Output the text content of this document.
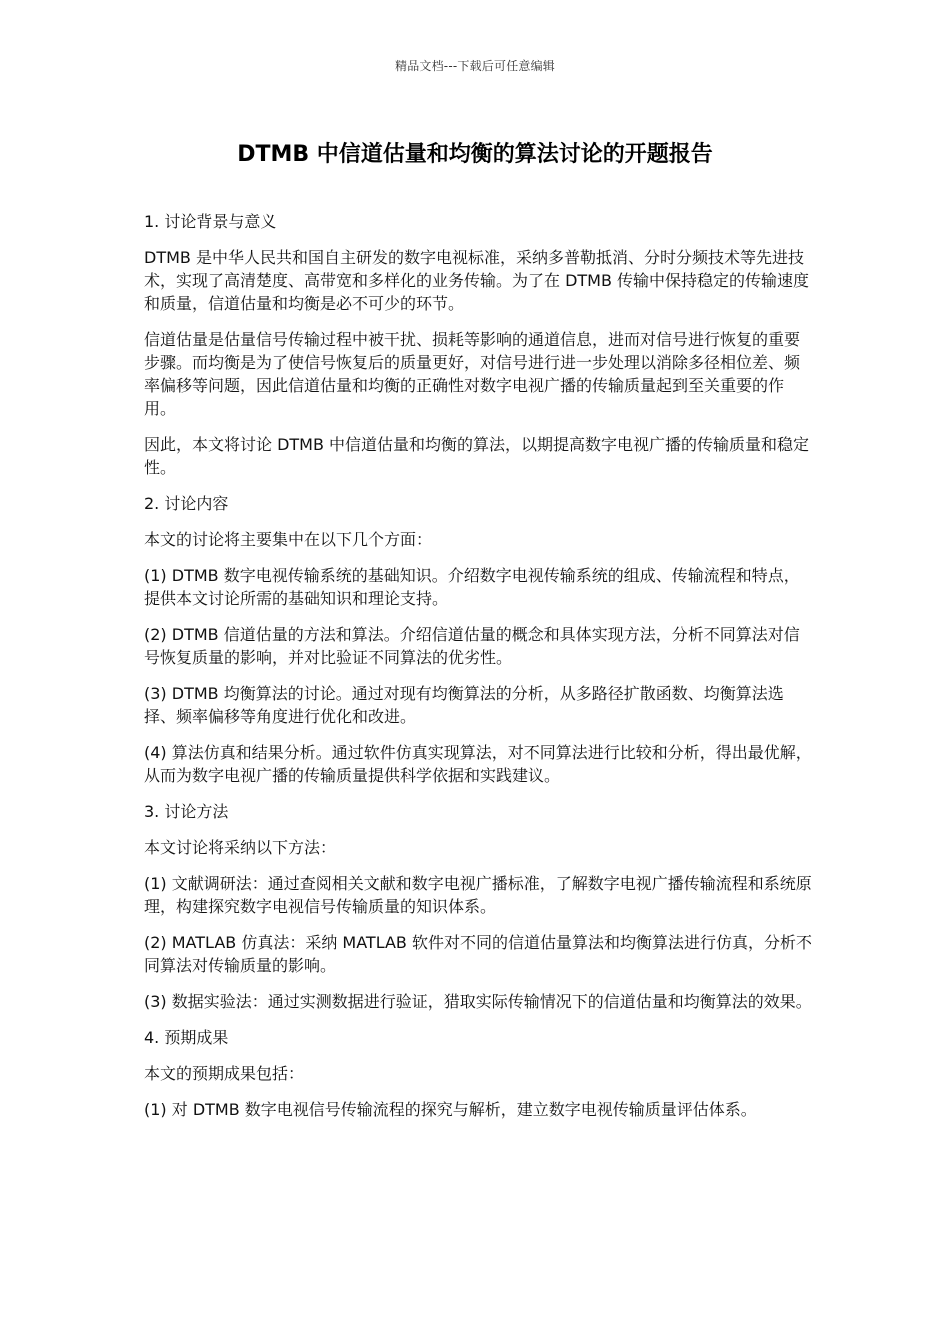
精品文档---下载后可任意编辑
DTMB 中信道估量和均衡的算法讨论的开题报告

1. 讨论背景与意义

DTMB 是中华人民共和国自主研发的数字电视标准，采纳多普勒抵消、分时分频技术等先进技术，实现了高清楚度、高带宽和多样化的业务传输。为了在 DTMB 传输中保持稳定的传输速度和质量，信道估量和均衡是必不可少的环节。

信道估量是估量信号传输过程中被干扰、损耗等影响的通道信息，进而对信号进行恢复的重要步骤。而均衡是为了使信号恢复后的质量更好，对信号进行进一步处理以消除多径相位差、频率偏移等问题，因此信道估量和均衡的正确性对数字电视广播的传输质量起到至关重要的作用。

因此，本文将讨论 DTMB 中信道估量和均衡的算法，以期提高数字电视广播的传输质量和稳定性。

2. 讨论内容

本文的讨论将主要集中在以下几个方面：

(1) DTMB 数字电视传输系统的基础知识。介绍数字电视传输系统的组成、传输流程和特点，提供本文讨论所需的基础知识和理论支持。

(2) DTMB 信道估量的方法和算法。介绍信道估量的概念和具体实现方法，分析不同算法对信号恢复质量的影响，并对比验证不同算法的优劣性。

(3) DTMB 均衡算法的讨论。通过对现有均衡算法的分析，从多路径扩散函数、均衡算法选择、频率偏移等角度进行优化和改进。

(4) 算法仿真和结果分析。通过软件仿真实现算法，对不同算法进行比较和分析，得出最优解，从而为数字电视广播的传输质量提供科学依据和实践建议。

3. 讨论方法

本文讨论将采纳以下方法：

(1) 文献调研法：通过查阅相关文献和数字电视广播标准，了解数字电视广播传输流程和系统原理，构建探究数字电视信号传输质量的知识体系。

(2) MATLAB 仿真法：采纳 MATLAB 软件对不同的信道估量算法和均衡算法进行仿真，分析不同算法对传输质量的影响。

(3) 数据实验法：通过实测数据进行验证，猎取实际传输情况下的信道估量和均衡算法的效果。

4. 预期成果

本文的预期成果包括：

(1) 对 DTMB 数字电视信号传输流程的探究与解析，建立数字电视传输质量评估体系。
